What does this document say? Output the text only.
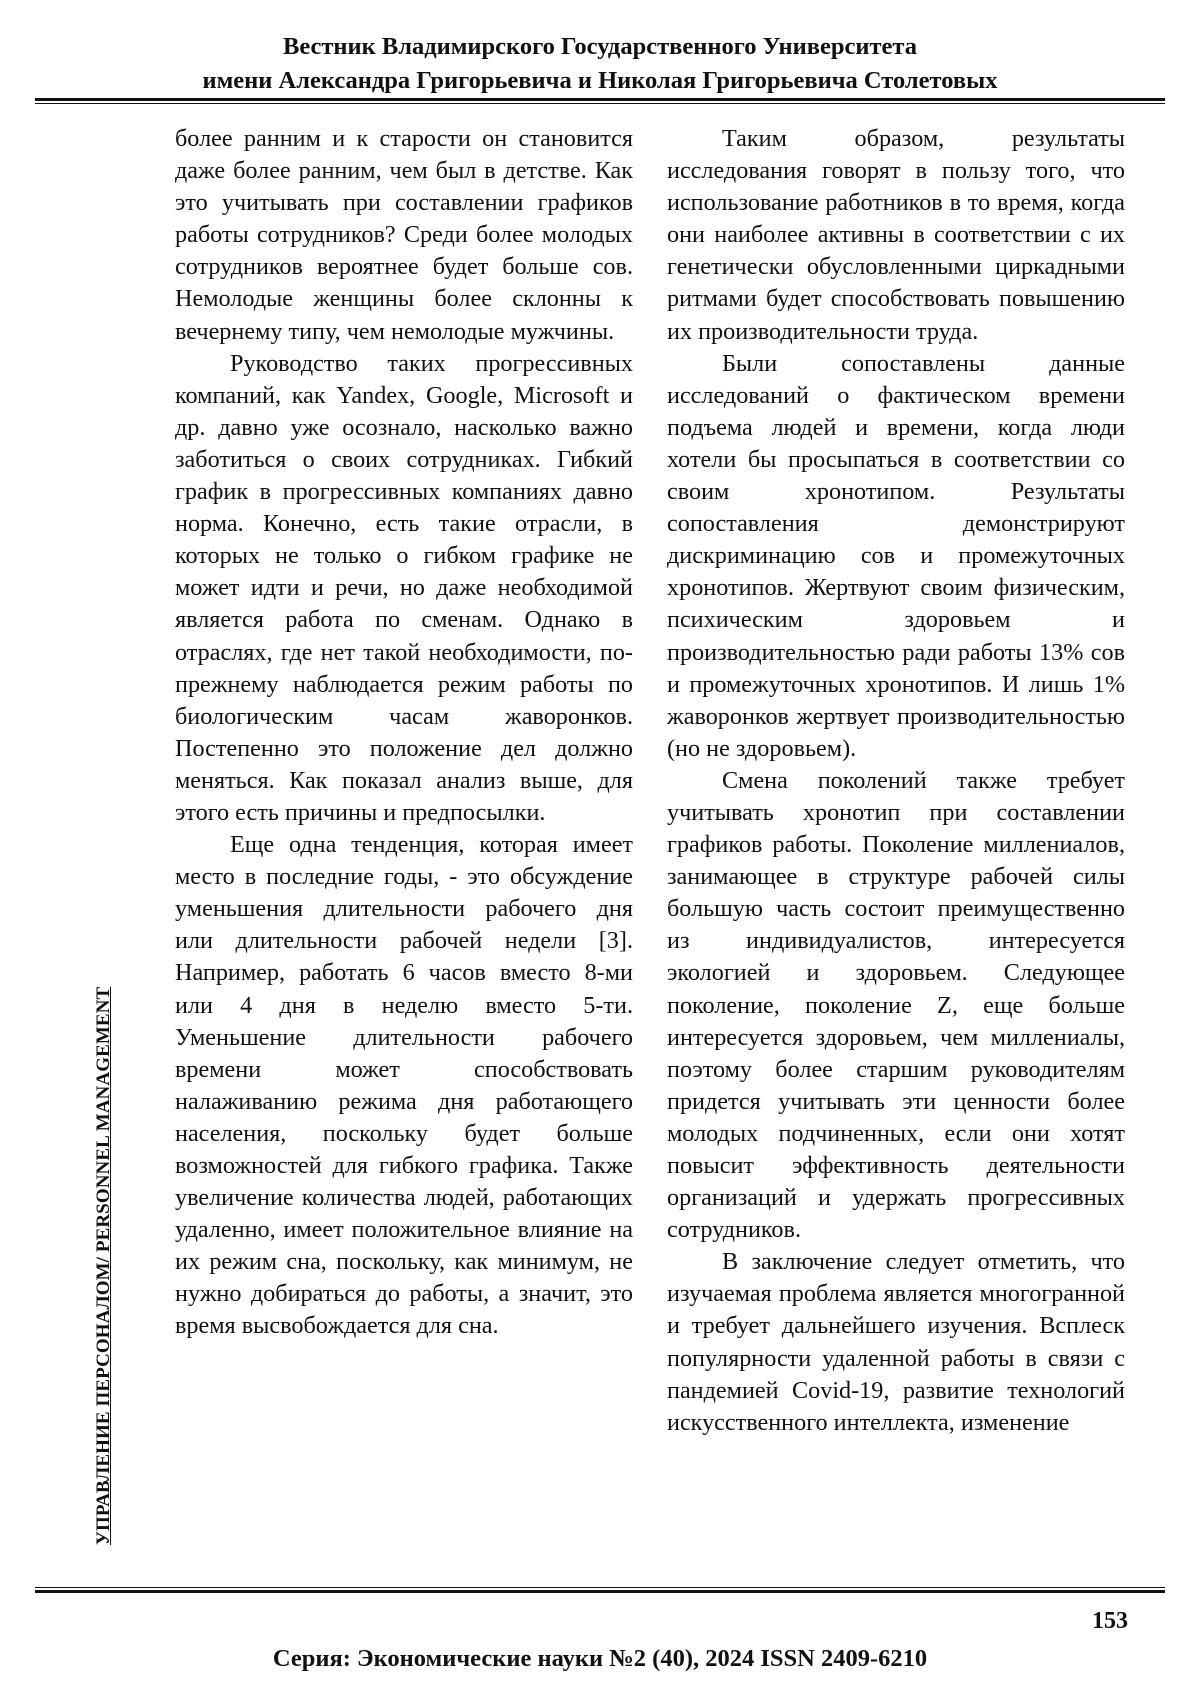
Вестник Владимирского Государственного Университета
имени Александра Григорьевича и Николая Григорьевича Столетовых
УПРАВЛЕНИЕ ПЕРСОНАЛОМ/ PERSONNEL MANAGEMENT

более ранним и к старости он становится даже более ранним, чем был в детстве. Как это учитывать при составлении графиков работы сотрудников? Среди более молодых сотрудников вероятнее будет больше сов. Немолодые женщины более склонны к вечернему типу, чем немолодые мужчины.

Руководство таких прогрессивных компаний, как Yandex, Google, Microsoft и др. давно уже осознало, насколько важно заботиться о своих сотрудниках. Гибкий график в прогрессивных компаниях давно норма. Конечно, есть такие отрасли, в которых не только о гибком графике не может идти и речи, но даже необходимой является работа по сменам. Однако в отраслях, где нет такой необходимости, по-прежнему наблюдается режим работы по биологическим часам жаворонков. Постепенно это положение дел должно меняться. Как показал анализ выше, для этого есть причины и предпосылки.

Еще одна тенденция, которая имеет место в последние годы, - это обсуждение уменьшения длительности рабочего дня или длительности рабочей недели [3]. Например, работать 6 часов вместо 8-ми или 4 дня в неделю вместо 5-ти. Уменьшение длительности рабочего времени может способствовать налаживанию режима дня работающего населения, поскольку будет больше возможностей для гибкого графика. Также увеличение количества людей, работающих удаленно, имеет положительное влияние на их режим сна, поскольку, как минимум, не нужно добираться до работы, а значит, это время высвобождается для сна.

Таким образом, результаты исследования говорят в пользу того, что использование работников в то время, когда они наиболее активны в соответствии с их генетически обусловленными циркадными ритмами будет способствовать повышению их производительности труда.

Были сопоставлены данные исследований о фактическом времени подъема людей и времени, когда люди хотели бы просыпаться в соответствии со своим хронотипом. Результаты сопоставления демонстрируют дискриминацию сов и промежуточных хронотипов. Жертвуют своим физическим, психическим здоровьем и производительностью ради работы 13% сов и промежуточных хронотипов. И лишь 1% жаворонков жертвует производительностью (но не здоровьем).

Смена поколений также требует учитывать хронотип при составлении графиков работы. Поколение миллениалов, занимающее в структуре рабочей силы большую часть состоит преимущественно из индивидуалистов, интересуется экологией и здоровьем. Следующее поколение, поколение Z, еще больше интересуется здоровьем, чем миллениалы, поэтому более старшим руководителям придется учитывать эти ценности более молодых подчиненных, если они хотят повысит эффективность деятельности организаций и удержать прогрессивных сотрудников.

В заключение следует отметить, что изучаемая проблема является многогранной и требует дальнейшего изучения. Всплеск популярности удаленной работы в связи с пандемией Covid-19, развитие технологий искусственного интеллекта, изменение

153
Серия: Экономические науки №2 (40), 2024 ISSN 2409-6210
